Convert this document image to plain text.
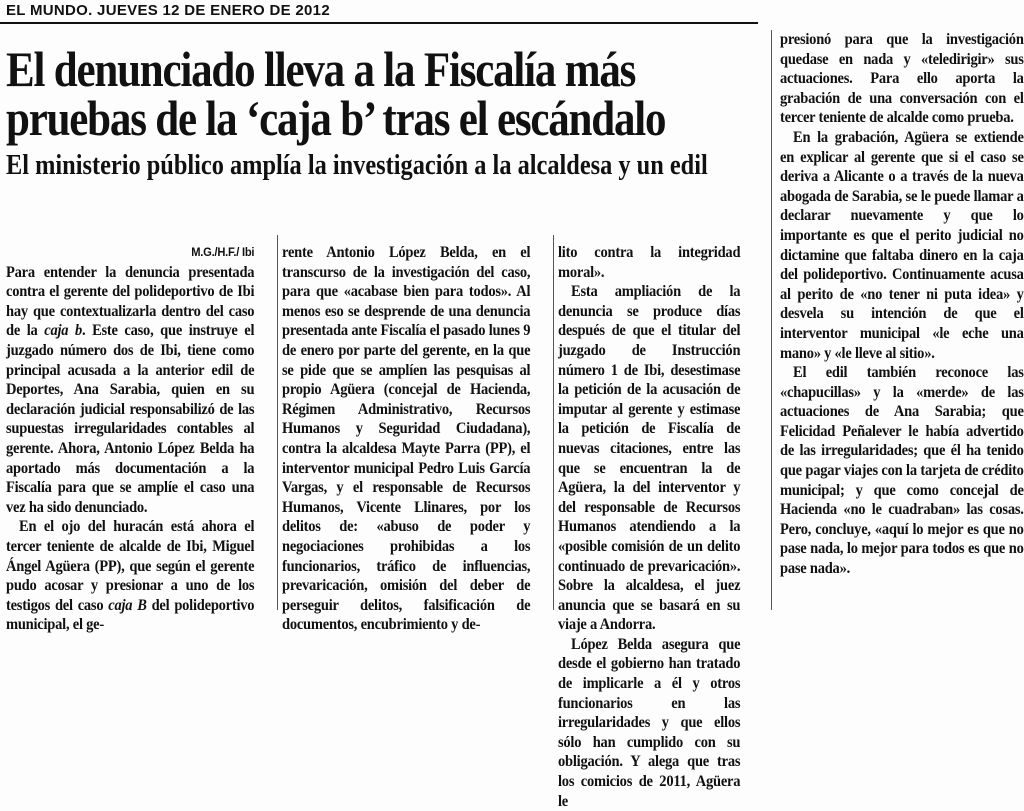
EL MUNDO. JUEVES 12 DE ENERO DE 2012
El denunciado lleva a la Fiscalía más
pruebas de la ‘caja b’ tras el escándalo
El ministerio público amplía la investigación a la alcaldesa y un edil
M.G./H.F./ Ibi

Para entender la denuncia presentada contra el gerente del polideportivo de Ibi hay que contextualizarla dentro del caso de la caja b. Este caso, que instruye el juzgado número dos de Ibi, tiene como principal acusada a la anterior edil de Deportes, Ana Sarabia, quien en su declaración judicial responsabilizó de las supuestas irregularidades contables al gerente. Ahora, Antonio López Belda ha aportado más documentación a la Fiscalía para que se amplíe el caso una vez ha sido denunciado.

En el ojo del huracán está ahora el tercer teniente de alcalde de Ibi, Miguel Ángel Agüera (PP), que según el gerente pudo acosar y presionar a uno de los testigos del caso caja B del polideportivo municipal, el ge-

rente Antonio López Belda, en el transcurso de la investigación del caso, para que «acabase bien para todos». Al menos eso se desprende de una denuncia presentada ante Fiscalía el pasado lunes 9 de enero por parte del gerente, en la que se pide que se amplíen las pesquisas al propio Agüera (concejal de Hacienda, Régimen Administrativo, Recursos Humanos y Seguridad Ciudadana), contra la alcaldesa Mayte Parra (PP), el interventor municipal Pedro Luis García Vargas, y el responsable de Recursos Humanos, Vicente Llinares, por los delitos de: «abuso de poder y negociaciones prohibidas a los funcionarios, tráfico de influencias, prevaricación, omisión del deber de perseguir delitos, falsificación de documentos, encubrimiento y de-

lito contra la integridad moral».

Esta ampliación de la denuncia se produce días después de que el titular del juzgado de Instrucción número 1 de Ibi, desestimase la petición de la acusación de imputar al gerente y estimase la petición de Fiscalía de nuevas citaciones, entre las que se encuentran la de Agüera, la del interventor y del responsable de Recursos Humanos atendiendo a la «posible comisión de un delito continuado de prevaricación». Sobre la alcaldesa, el juez anuncia que se basará en su viaje a Andorra.

López Belda asegura que desde el gobierno han tratado de implicarle a él y otros funcionarios en las irregularidades y que ellos sólo han cumplido con su obligación. Y alega que tras los comicios de 2011, Agüera le

presionó para que la investigación quedase en nada y «teledirigir» sus actuaciones. Para ello aporta la grabación de una conversación con el tercer teniente de alcalde como prueba.

En la grabación, Agüera se extiende en explicar al gerente que si el caso se deriva a Alicante o a través de la nueva abogada de Sarabia, se le puede llamar a declarar nuevamente y que lo importante es que el perito judicial no dictamine que faltaba dinero en la caja del polideportivo. Continuamente acusa al perito de «no tener ni puta idea» y desvela su intención de que el interventor municipal «le eche una mano» y «le lleve al sitio».

El edil también reconoce las «chapucillas» y la «merde» de las actuaciones de Ana Sarabia; que Felicidad Peñalever le había advertido de las irregularidades; que él ha tenido que pagar viajes con la tarjeta de crédito municipal; y que como concejal de Hacienda «no le cuadraban» las cosas. Pero, concluye, «aquí lo mejor es que no pase nada, lo mejor para todos es que no pase nada».
